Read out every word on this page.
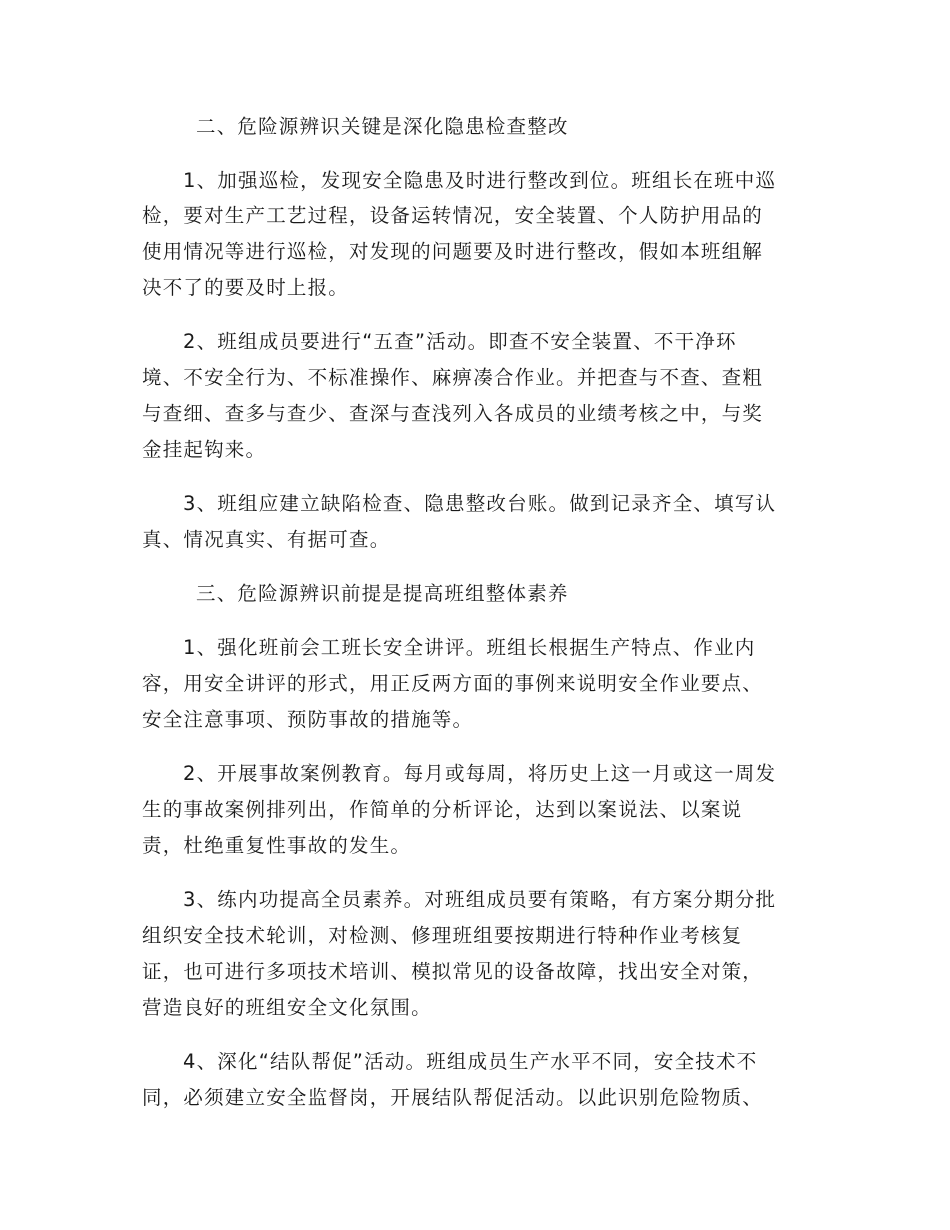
二、危险源辨识关键是深化隐患检查整改
1、加强巡检，发现安全隐患及时进行整改到位。班组长在班中巡
检，要对生产工艺过程，设备运转情况，安全装置、个人防护用品的
使用情况等进行巡检，对发现的问题要及时进行整改，假如本班组解
决不了的要及时上报。
2、班组成员要进行“五查”活动。即查不安全装置、不干净环
境、不安全行为、不标准操作、麻痹凑合作业。并把查与不查、查粗
与查细、查多与查少、查深与查浅列入各成员的业绩考核之中，与奖
金挂起钩来。
3、班组应建立缺陷检查、隐患整改台账。做到记录齐全、填写认
真、情况真实、有据可查。
三、危险源辨识前提是提高班组整体素养
1、强化班前会工班长安全讲评。班组长根据生产特点、作业内
容，用安全讲评的形式，用正反两方面的事例来说明安全作业要点、
安全注意事项、预防事故的措施等。
2、开展事故案例教育。每月或每周，将历史上这一月或这一周发
生的事故案例排列出，作简单的分析评论，达到以案说法、以案说
责，杜绝重复性事故的发生。
3、练内功提高全员素养。对班组成员要有策略，有方案分期分批
组织安全技术轮训，对检测、修理班组要按期进行特种作业考核复
证，也可进行多项技术培训、模拟常见的设备故障，找出安全对策，
营造良好的班组安全文化氛围。
4、深化“结队帮促”活动。班组成员生产水平不同，安全技术不
同，必须建立安全监督岗，开展结队帮促活动。以此识别危险物质、
